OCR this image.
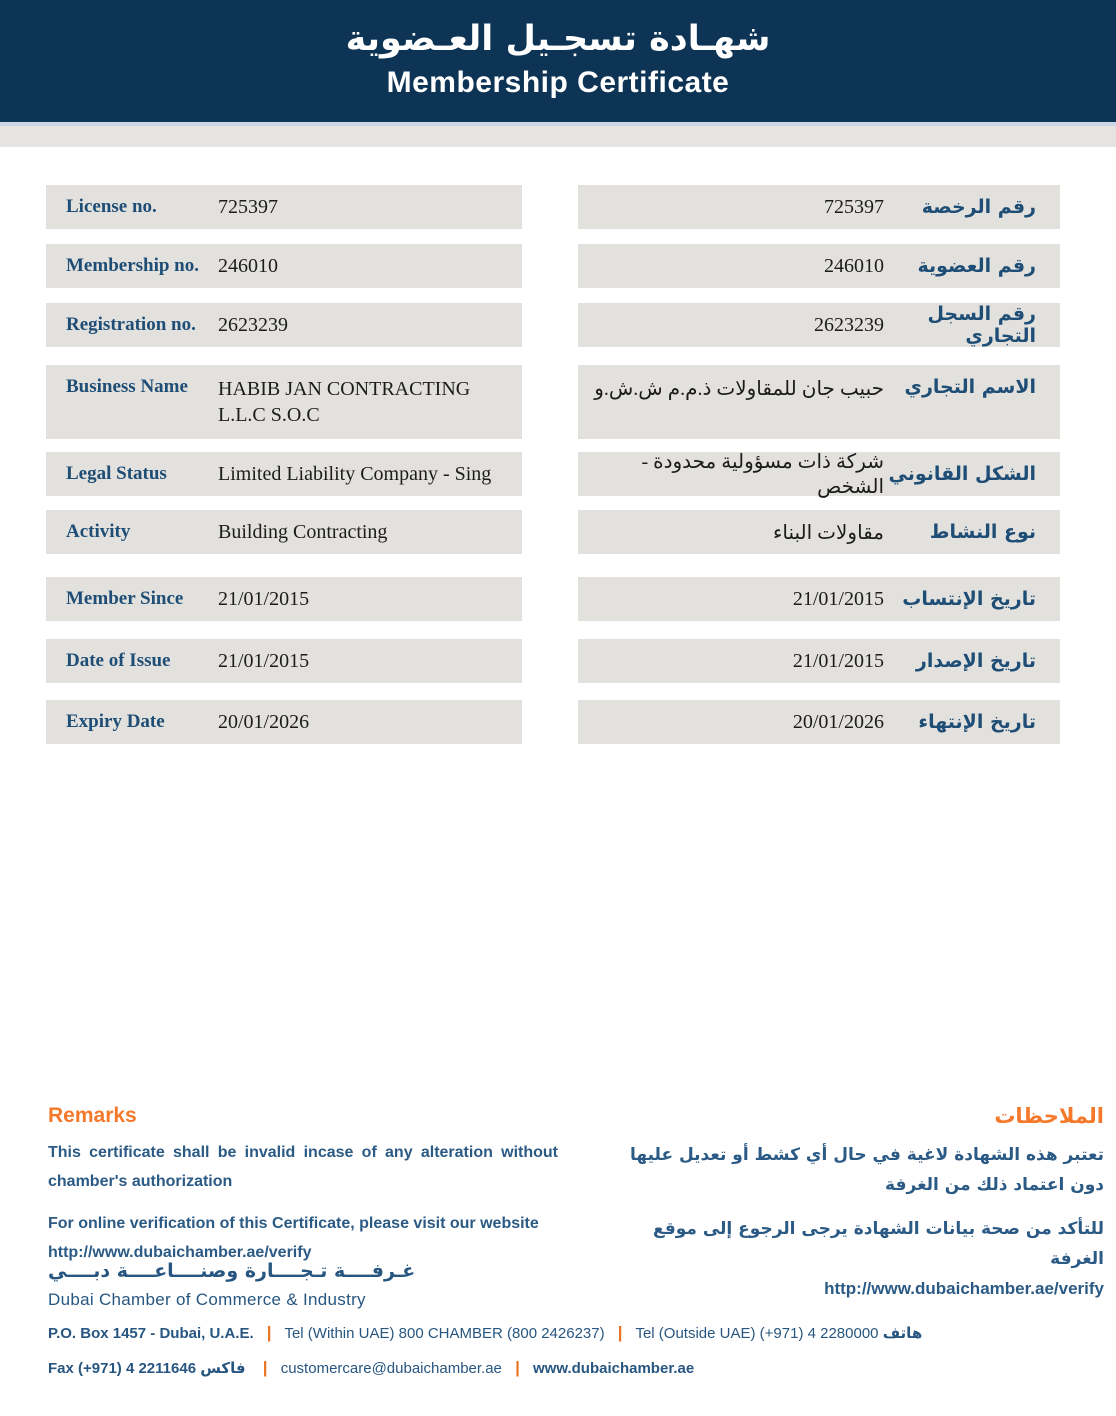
شهـادة تسجـيل العـضوية
Membership Certificate
License no.	725397
Membership no. 246010
Registration no.	2623239
Business Name	HABIB JAN CONTRACTING L.L.C S.O.C
Legal Status	Limited Liability Company - Sing
Activity	Building Contracting
Member Since	21/01/2015
Date of Issue	21/01/2015
Expiry Date	20/01/2026
رقم الرخصة
725397
رقم العضوية
246010
رقم السجل التجاري
2623239
الاسم التجاري
حبيب جان للمقاولات ذ.م.م ش.ش.و
الشكل القانوني
شركة ذات مسؤولية محدودة - الشخص
نوع النشاط
مقاولات البناء
تاريخ الإنتساب
21/01/2015
تاريخ الإصدار
21/01/2015
تاريخ الإنتهاء
20/01/2026
Remarks

This certificate shall be invalid incase of any alteration without chamber's authorization

For online verification of this Certificate, please visit our website

http://www.dubaichamber.ae/verify

الملاحظات

تعتبر هذه الشهادة لاغية في حال أي كشط أو تعديل عليها دون اعتماد ذلك من الغرفة

للتأكد من صحة بيانات الشهادة يرجى الرجوع إلى موقع الغرفة
http://www.dubaichamber.ae/verify

غـرفــــة تـجــــارة وصنــــاعــــة دبــــي
Dubai Chamber of Commerce & Industry
P.O. Box 1457 - Dubai, U.A.E. | Tel (Within UAE) 800 CHAMBER (800 2426237) | Tel (Outside UAE) (+971) 4 2280000 هاتف
Fax (+971) 4 2211646 فاكس | customercare@dubaichamber.ae | www.dubaichamber.ae
